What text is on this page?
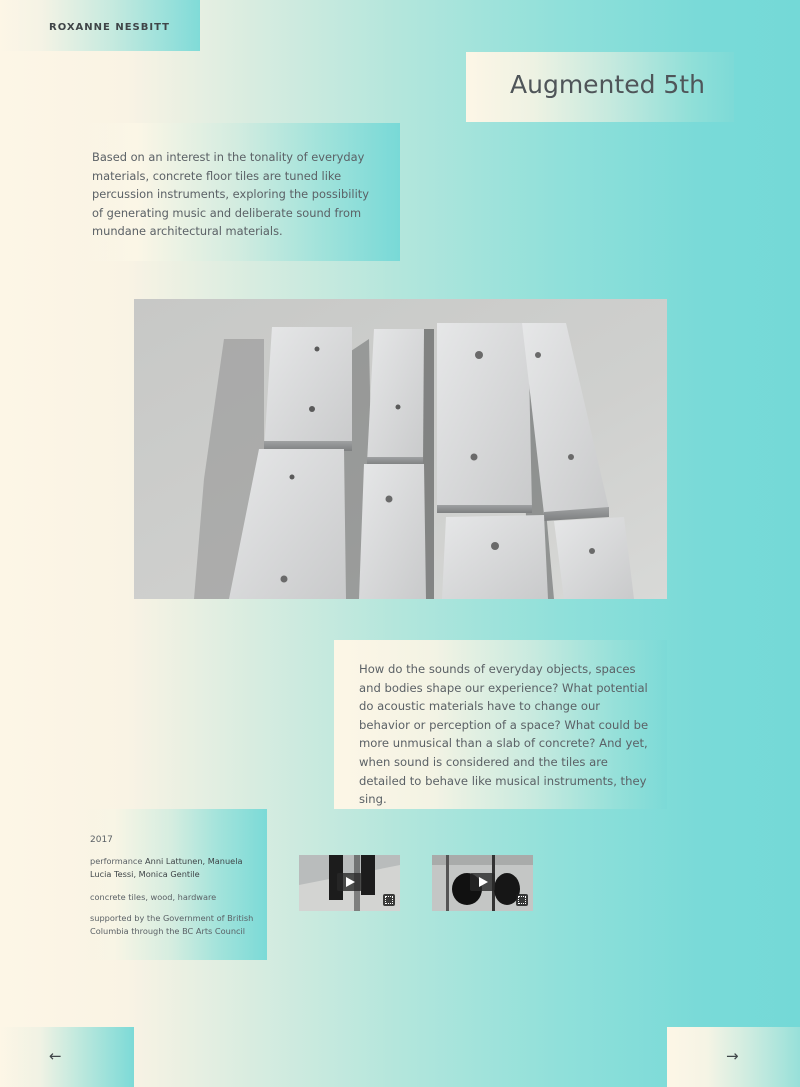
ROXANNE NESBITT
Augmented 5th

Based on an interest in the tonality of everyday materials, concrete floor tiles are tuned like percussion instruments, exploring the possibility of generating music and deliberate sound from mundane architectural materials.

How do the sounds of everyday objects, spaces and bodies shape our experience? What potential do acoustic materials have to change our behavior or perception of a space? What could be more unmusical than a slab of concrete? And yet, when sound is considered and the tiles are detailed to behave like musical instruments, they sing.

2017
performance Anni Lattunen, Manuela Lucia Tessi, Monica Gentile
concrete tiles, wood, hardware
supported by the Government of British Columbia through the BC Arts Council
←	→
